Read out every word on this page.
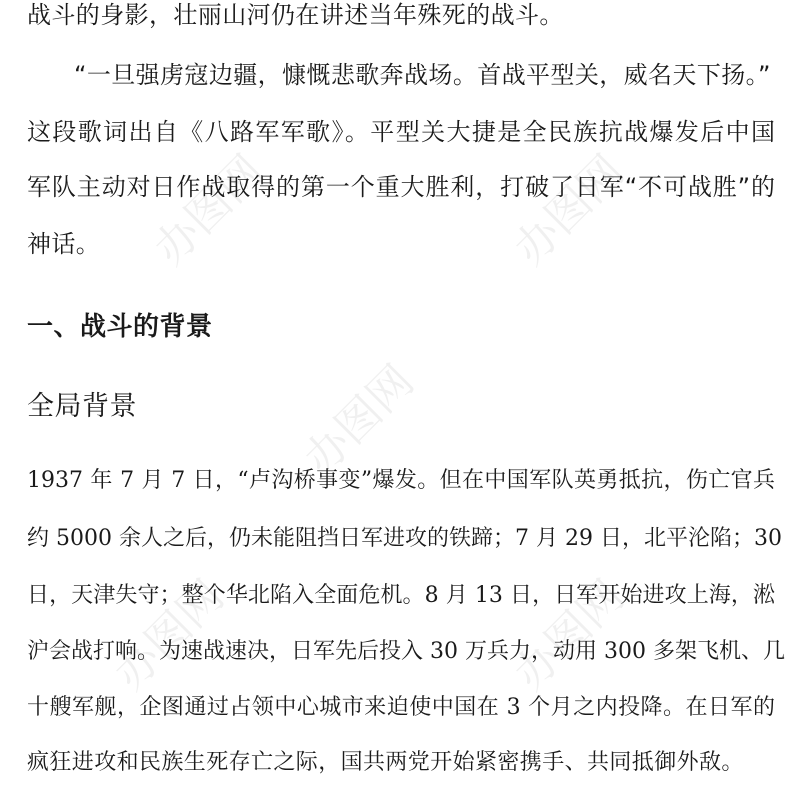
战斗的身影，壮丽山河仍在讲述当年殊死的战斗。

“一旦强虏寇边疆，慷慨悲歌奔战场。首战平型关，威名天下扬。”

这段歌词出自《八路军军歌》。平型关大捷是全民族抗战爆发后中国

军队主动对日作战取得的第一个重大胜利，打破了日军“不可战胜”的

神话。

一、战斗的背景
全局背景

1937 年 7 月 7 日，“卢沟桥事变”爆发。但在中国军队英勇抵抗，伤亡官兵

约 5000 余人之后，仍未能阻挡日军进攻的铁蹄；7 月 29 日，北平沦陷；30

日，天津失守；整个华北陷入全面危机。8 月 13 日，日军开始进攻上海，淞

沪会战打响。为速战速决，日军先后投入 30 万兵力，动用 300 多架飞机、几

十艘军舰，企图通过占领中心城市来迫使中国在 3 个月之内投降。在日军的

疯狂进攻和民族生死存亡之际，国共两党开始紧密携手、共同抵御外敌。

办图网	办图网
办图网
办图网	办图网
